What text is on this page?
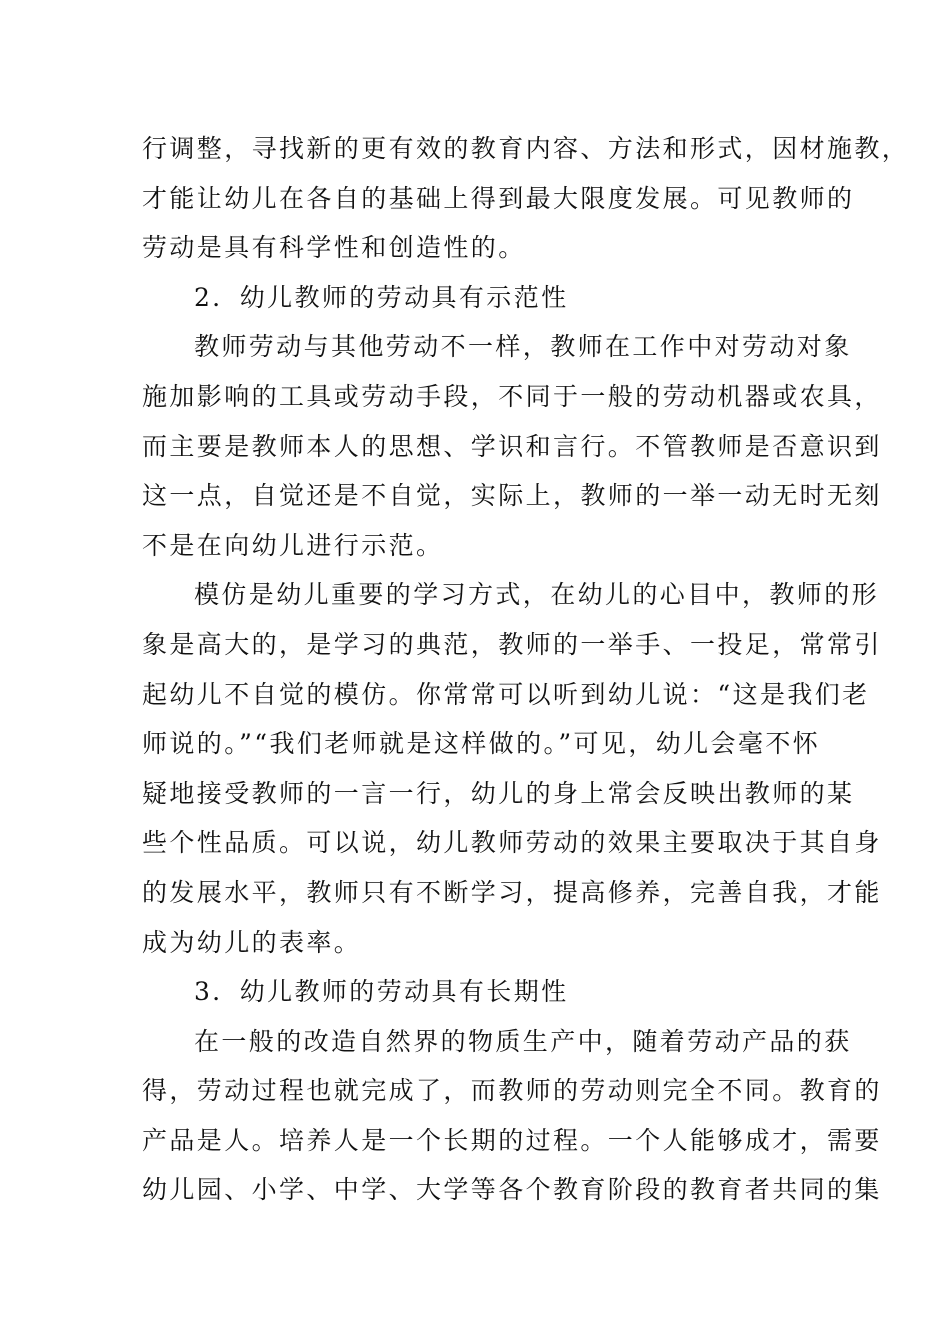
行调整，寻找新的更有效的教育内容、方法和形式，因材施教，
才能让幼儿在各自的基础上得到最大限度发展。可见教师的
劳动是具有科学性和创造性的。
2．幼儿教师的劳动具有示范性
教师劳动与其他劳动不一样，教师在工作中对劳动对象
施加影响的工具或劳动手段，不同于一般的劳动机器或农具，
而主要是教师本人的思想、学识和言行。不管教师是否意识到
这一点，自觉还是不自觉，实际上，教师的一举一动无时无刻
不是在向幼儿进行示范。
模仿是幼儿重要的学习方式，在幼儿的心目中，教师的形
象是高大的，是学习的典范，教师的一举手、一投足，常常引
起幼儿不自觉的模仿。你常常可以听到幼儿说：“这是我们老
师说的。”“我们老师就是这样做的。”可见，幼儿会毫不怀
疑地接受教师的一言一行，幼儿的身上常会反映出教师的某
些个性品质。可以说，幼儿教师劳动的效果主要取决于其自身
的发展水平，教师只有不断学习，提高修养，完善自我，才能
成为幼儿的表率。
3．幼儿教师的劳动具有长期性
在一般的改造自然界的物质生产中，随着劳动产品的获
得，劳动过程也就完成了，而教师的劳动则完全不同。教育的
产品是人。培养人是一个长期的过程。一个人能够成才，需要
幼儿园、小学、中学、大学等各个教育阶段的教育者共同的集
